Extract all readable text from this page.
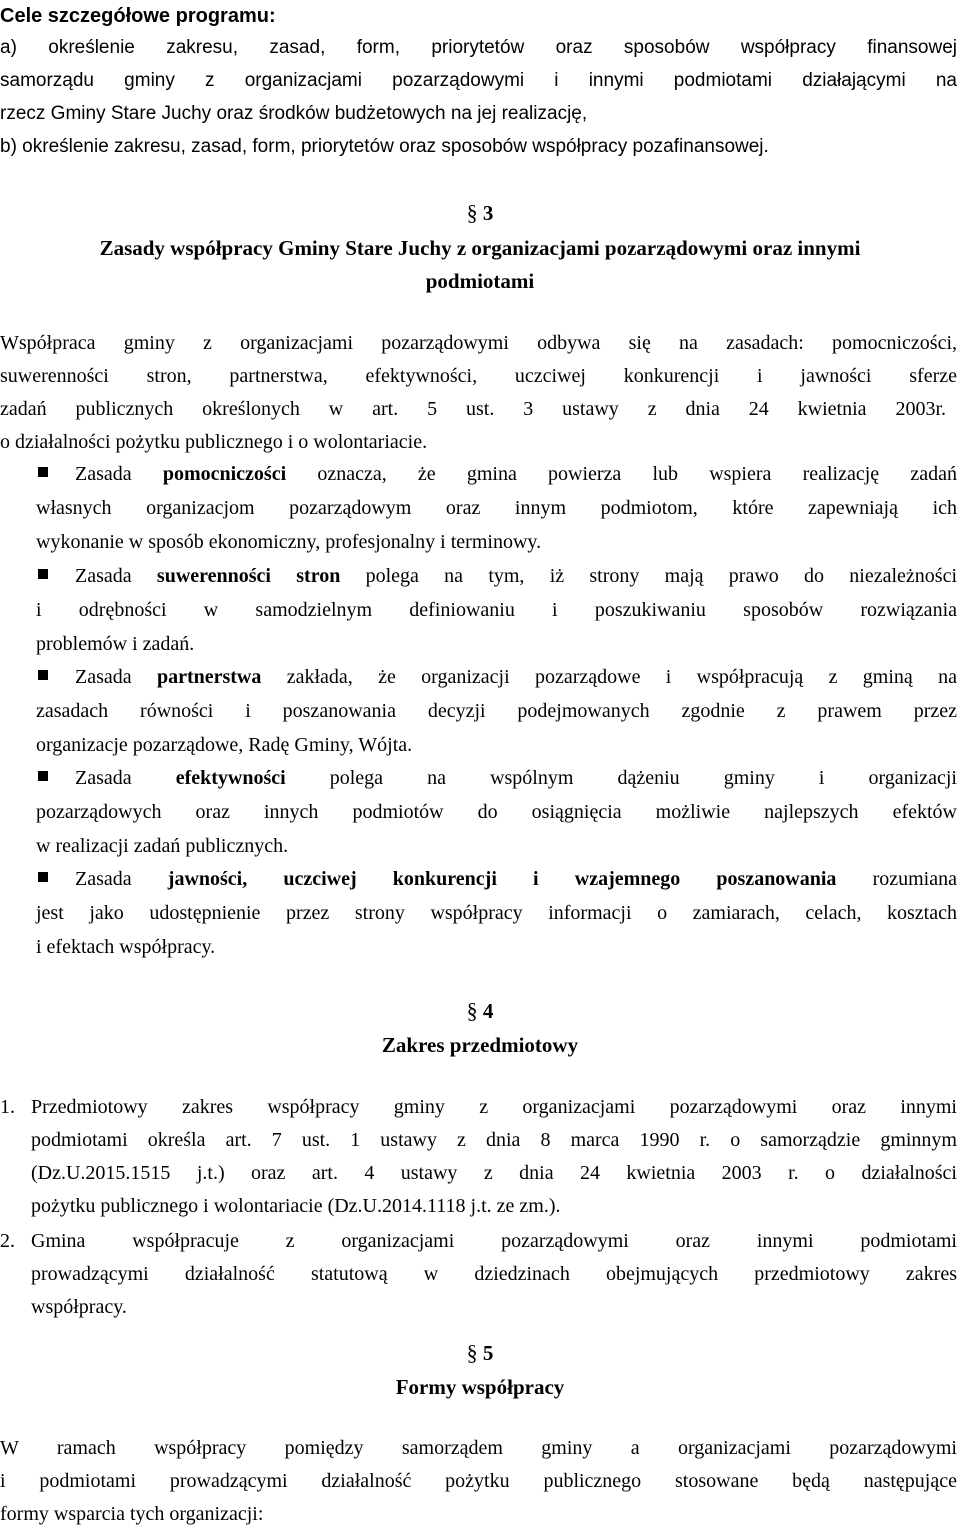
Cele szczegółowe programu:
a) określenie zakresu, zasad, form, priorytetów oraz sposobów współpracy finansowej
samorządu gminy z organizacjami pozarządowymi i innymi podmiotami działającymi na
rzecz Gminy Stare Juchy oraz środków budżetowych na jej realizację,
b) określenie zakresu, zasad, form, priorytetów oraz sposobów współpracy pozafinansowej.
§ 3
Zasady współpracy Gminy Stare Juchy z organizacjami pozarządowymi oraz innymi
podmiotami
Współpraca gminy z organizacjami pozarządowymi odbywa się na zasadach: pomocniczości,
suwerenności stron, partnerstwa, efektywności, uczciwej konkurencji i jawności sferze
zadań publicznych określonych w art. 5 ust. 3 ustawy z dnia 24 kwietnia 2003r.
o działalności pożytku publicznego i o wolontariacie.
Zasada pomocniczości oznacza, że gmina powierza lub wspiera realizację zadań
własnych organizacjom pozarządowym oraz innym podmiotom, które zapewniają ich
wykonanie w sposób ekonomiczny, profesjonalny i terminowy.
Zasada suwerenności stron polega na tym, iż strony mają prawo do niezależności
i odrębności w samodzielnym definiowaniu i poszukiwaniu sposobów rozwiązania
problemów i zadań.
Zasada partnerstwa zakłada, że organizacji pozarządowe i współpracują z gminą na
zasadach równości i poszanowania decyzji podejmowanych zgodnie z prawem przez
organizacje pozarządowe, Radę Gminy, Wójta.
Zasada efektywności polega na wspólnym dążeniu gminy i organizacji
pozarządowych oraz innych podmiotów do osiągnięcia możliwie najlepszych efektów
w realizacji zadań publicznych.
Zasada jawności, uczciwej konkurencji i wzajemnego poszanowania rozumiana
jest jako udostępnienie przez strony współpracy informacji o zamiarach, celach, kosztach
i efektach współpracy.
§ 4
Zakres przedmiotowy
1. Przedmiotowy zakres współpracy gminy z organizacjami pozarządowymi oraz innymi
podmiotami określa art. 7 ust. 1 ustawy z dnia 8 marca 1990 r. o samorządzie gminnym
(Dz.U.2015.1515 j.t.) oraz art. 4 ustawy z dnia 24 kwietnia 2003 r. o działalności
pożytku publicznego i wolontariacie (Dz.U.2014.1118 j.t. ze zm.).
2. Gmina współpracuje z organizacjami pozarządowymi oraz innymi podmiotami
prowadzącymi działalność statutową w dziedzinach obejmujących przedmiotowy zakres
współpracy.
§ 5
Formy współpracy
W ramach współpracy pomiędzy samorządem gminy a organizacjami pozarządowymi
i podmiotami prowadzącymi działalność pożytku publicznego stosowane będą następujące
formy wsparcia tych organizacji:
